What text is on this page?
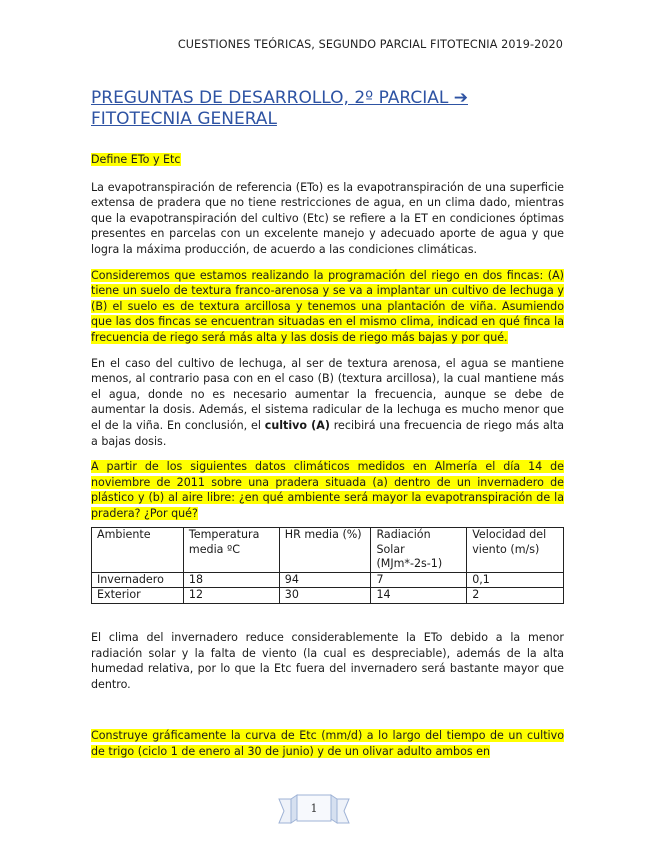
CUESTIONES TEÓRICAS, SEGUNDO PARCIAL FITOTECNIA 2019-2020
PREGUNTAS DE DESARROLLO, 2º PARCIAL ➔
FITOTECNIA GENERAL

Define ETo y Etc

La evapotranspiración de referencia (ETo) es la evapotranspiración de una superficie extensa de pradera que no tiene restricciones de agua, en un clima dado, mientras que la evapotranspiración del cultivo (Etc) se refiere a la ET en condiciones óptimas presentes en parcelas con un excelente manejo y adecuado aporte de agua y que logra la máxima producción, de acuerdo a las condiciones climáticas.

Consideremos que estamos realizando la programación del riego en dos fincas: (A) tiene un suelo de textura franco-arenosa y se va a implantar un cultivo de lechuga y (B) el suelo es de textura arcillosa y tenemos una plantación de viña. Asumiendo que las dos fincas se encuentran situadas en el mismo clima, indicad en qué finca la frecuencia de riego será más alta y las dosis de riego más bajas y por qué.

En el caso del cultivo de lechuga, al ser de textura arenosa, el agua se mantiene menos, al contrario pasa con en el caso (B) (textura arcillosa), la cual mantiene más el agua, donde no es necesario aumentar la frecuencia, aunque se debe de aumentar la dosis. Además, el sistema radicular de la lechuga es mucho menor que el de la viña. En conclusión, el cultivo (A) recibirá una frecuencia de riego más alta a bajas dosis.

A partir de los siguientes datos climáticos medidos en Almería el día 14 de noviembre de 2011 sobre una pradera situada (a) dentro de un invernadero de plástico y (b) al aire libre: ¿en qué ambiente será mayor la evapotranspiración de la pradera? ¿Por qué?

Ambiente	Temperatura media ºC	HR media (%)	Radiación Solar (MJm*-2s-1)	Velocidad del viento (m/s)
Invernadero	18	94	7	0,1
Exterior	12	30	14	2

El clima del invernadero reduce considerablemente la ETo debido a la menor radiación solar y la falta de viento (la cual es despreciable), además de la alta humedad relativa, por lo que la Etc fuera del invernadero será bastante mayor que dentro.

Construye gráficamente la curva de Etc (mm/d) a lo largo del tiempo de un cultivo de trigo (ciclo 1 de enero al 30 de junio) y de un olivar adulto ambos en

1
